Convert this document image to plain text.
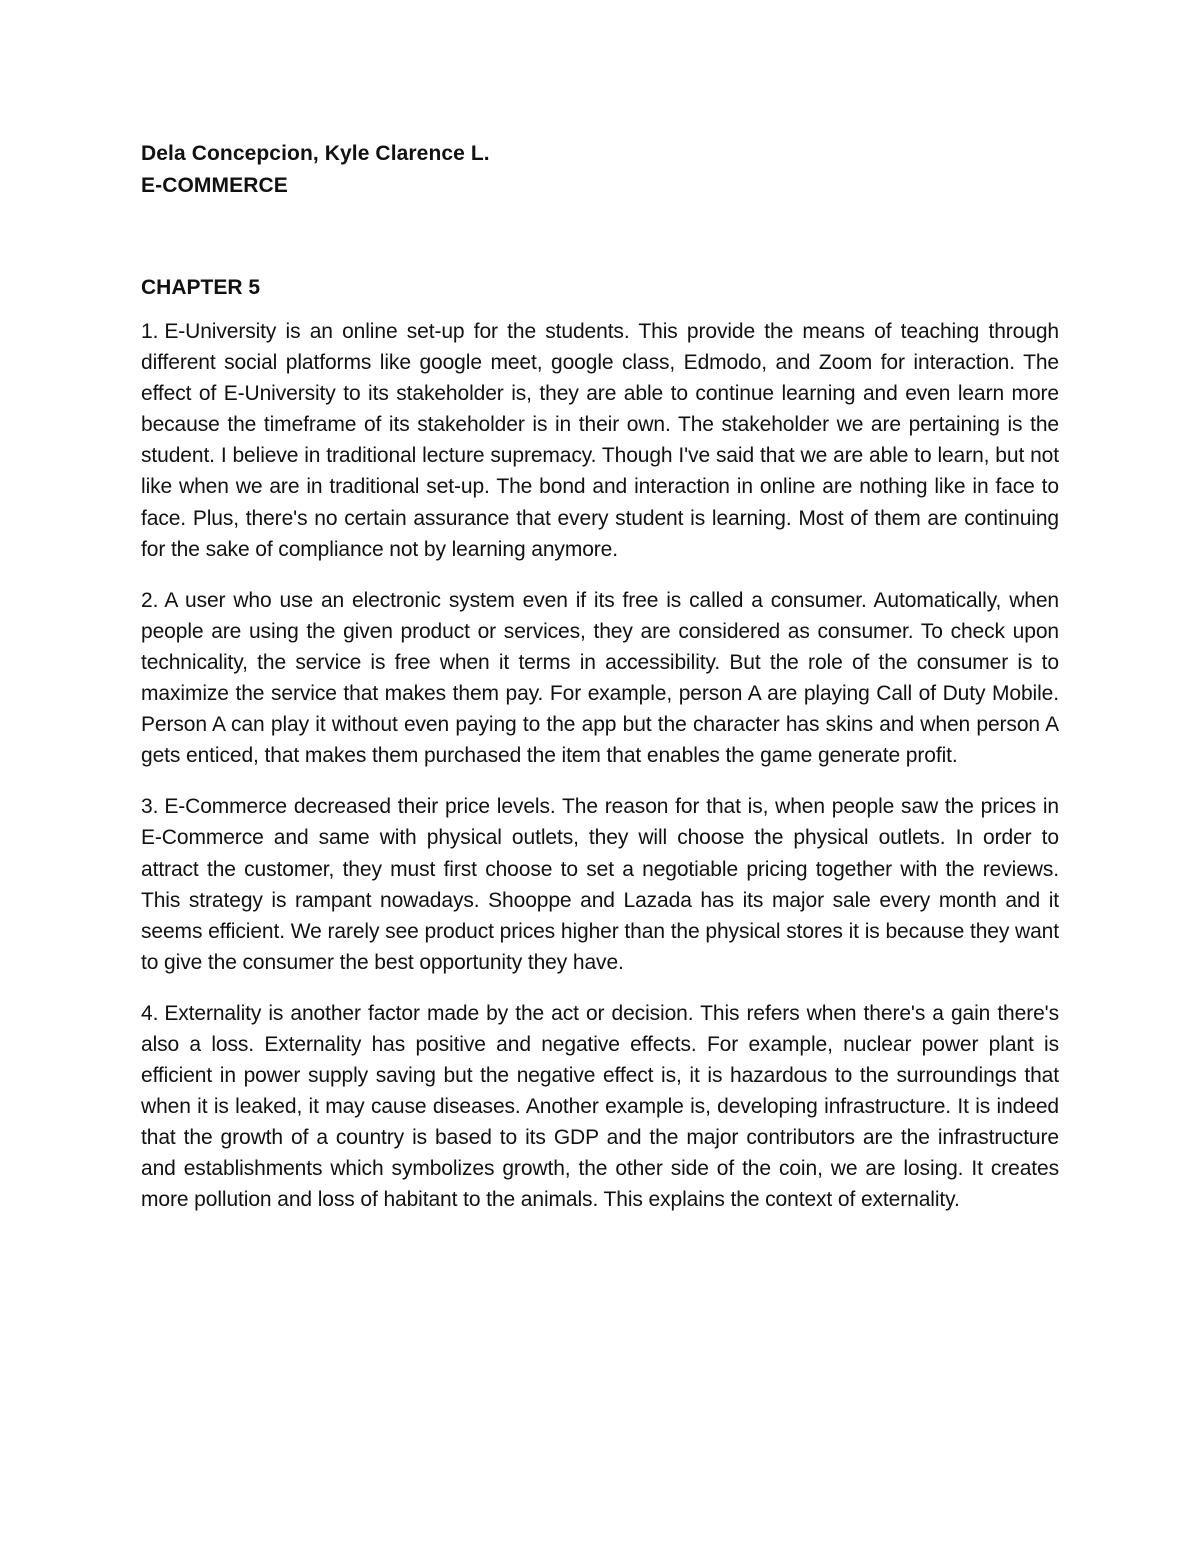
Dela Concepcion, Kyle Clarence L.

E-COMMERCE

CHAPTER 5

1. E-University is an online set-up for the students. This provide the means of teaching through different social platforms like google meet, google class, Edmodo, and Zoom for interaction. The effect of E-University to its stakeholder is, they are able to continue learning and even learn more because the timeframe of its stakeholder is in their own. The stakeholder we are pertaining is the student. I believe in traditional lecture supremacy. Though I've said that we are able to learn, but not like when we are in traditional set-up. The bond and interaction in online are nothing like in face to face. Plus, there's no certain assurance that every student is learning. Most of them are continuing for the sake of compliance not by learning anymore.

2. A user who use an electronic system even if its free is called a consumer. Automatically, when people are using the given product or services, they are considered as consumer. To check upon technicality, the service is free when it terms in accessibility. But the role of the consumer is to maximize the service that makes them pay. For example, person A are playing Call of Duty Mobile. Person A can play it without even paying to the app but the character has skins and when person A gets enticed, that makes them purchased the item that enables the game generate profit.

3. E-Commerce decreased their price levels. The reason for that is, when people saw the prices in E-Commerce and same with physical outlets, they will choose the physical outlets. In order to attract the customer, they must first choose to set a negotiable pricing together with the reviews. This strategy is rampant nowadays. Shooppe and Lazada has its major sale every month and it seems efficient. We rarely see product prices higher than the physical stores it is because they want to give the consumer the best opportunity they have.

4. Externality is another factor made by the act or decision. This refers when there's a gain there's also a loss. Externality has positive and negative effects. For example, nuclear power plant is efficient in power supply saving but the negative effect is, it is hazardous to the surroundings that when it is leaked, it may cause diseases. Another example is, developing infrastructure. It is indeed that the growth of a country is based to its GDP and the major contributors are the infrastructure and establishments which symbolizes growth, the other side of the coin, we are losing. It creates more pollution and loss of habitant to the animals. This explains the context of externality.
